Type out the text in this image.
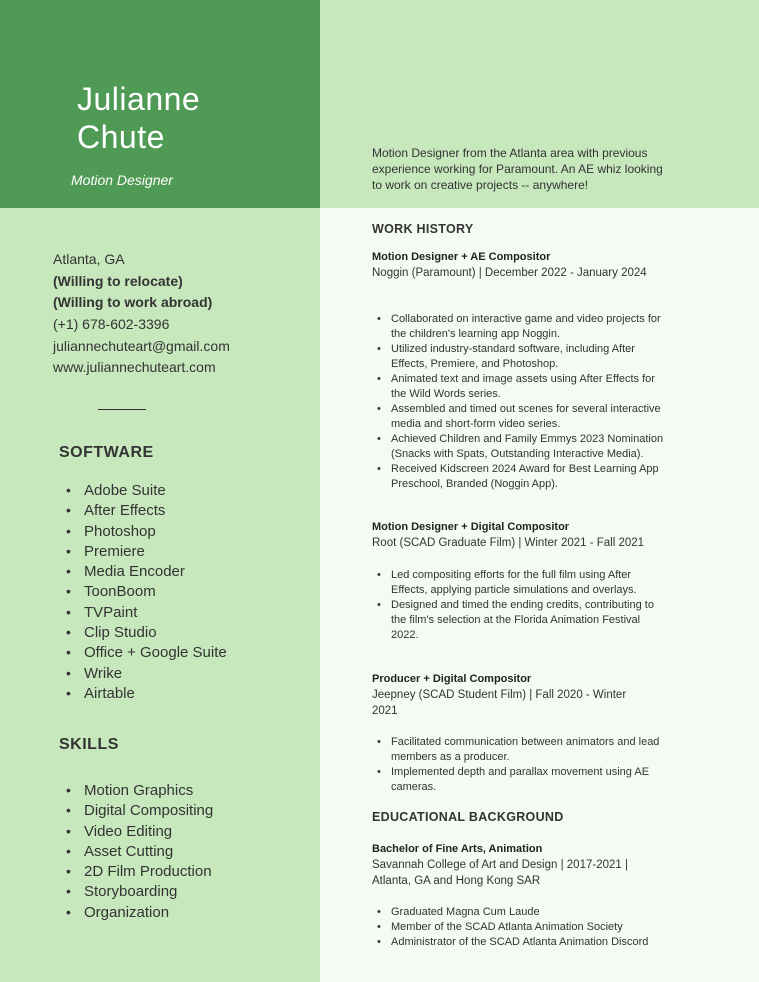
Julianne
Chute
Motion Designer
Motion Designer from the Atlanta area with previous experience working for Paramount. An AE whiz looking to work on creative projects -- anywhere!
Atlanta, GA
(Willing to relocate)
(Willing to work abroad)
(+1) 678-602-3396
juliannechuteart@gmail.com
www.juliannechuteart.com
SOFTWARE
• Adobe Suite
• After Effects
• Photoshop
• Premiere
• Media Encoder
• ToonBoom
• TVPaint
• Clip Studio
• Office + Google Suite
• Wrike
• Airtable
SKILLS
• Motion Graphics
• Digital Compositing
• Video Editing
• Asset Cutting
• 2D Film Production
• Storyboarding
• Organization
WORK HISTORY
Motion Designer + AE Compositor
Noggin (Paramount) | December 2022 - January 2024
• Collaborated on interactive game and video projects for the children's learning app Noggin.
• Utilized industry-standard software, including After Effects, Premiere, and Photoshop.
• Animated text and image assets using After Effects for the Wild Words series.
• Assembled and timed out scenes for several interactive media and short-form video series.
• Achieved Children and Family Emmys 2023 Nomination (Snacks with Spats, Outstanding Interactive Media).
• Received Kidscreen 2024 Award for Best Learning App Preschool, Branded (Noggin App).
Motion Designer + Digital Compositor
Root (SCAD Graduate Film) | Winter 2021 - Fall 2021
• Led compositing efforts for the full film using After Effects, applying particle simulations and overlays.
• Designed and timed the ending credits, contributing to the film's selection at the Florida Animation Festival 2022.
Producer + Digital Compositor
Jeepney (SCAD Student Film) | Fall 2020 - Winter 2021
• Facilitated communication between animators and lead members as a producer.
• Implemented depth and parallax movement using AE cameras.
EDUCATIONAL BACKGROUND
Bachelor of Fine Arts, Animation
Savannah College of Art and Design | 2017-2021 | Atlanta, GA and Hong Kong SAR
• Graduated Magna Cum Laude
• Member of the SCAD Atlanta Animation Society
• Administrator of the SCAD Atlanta Animation Discord
